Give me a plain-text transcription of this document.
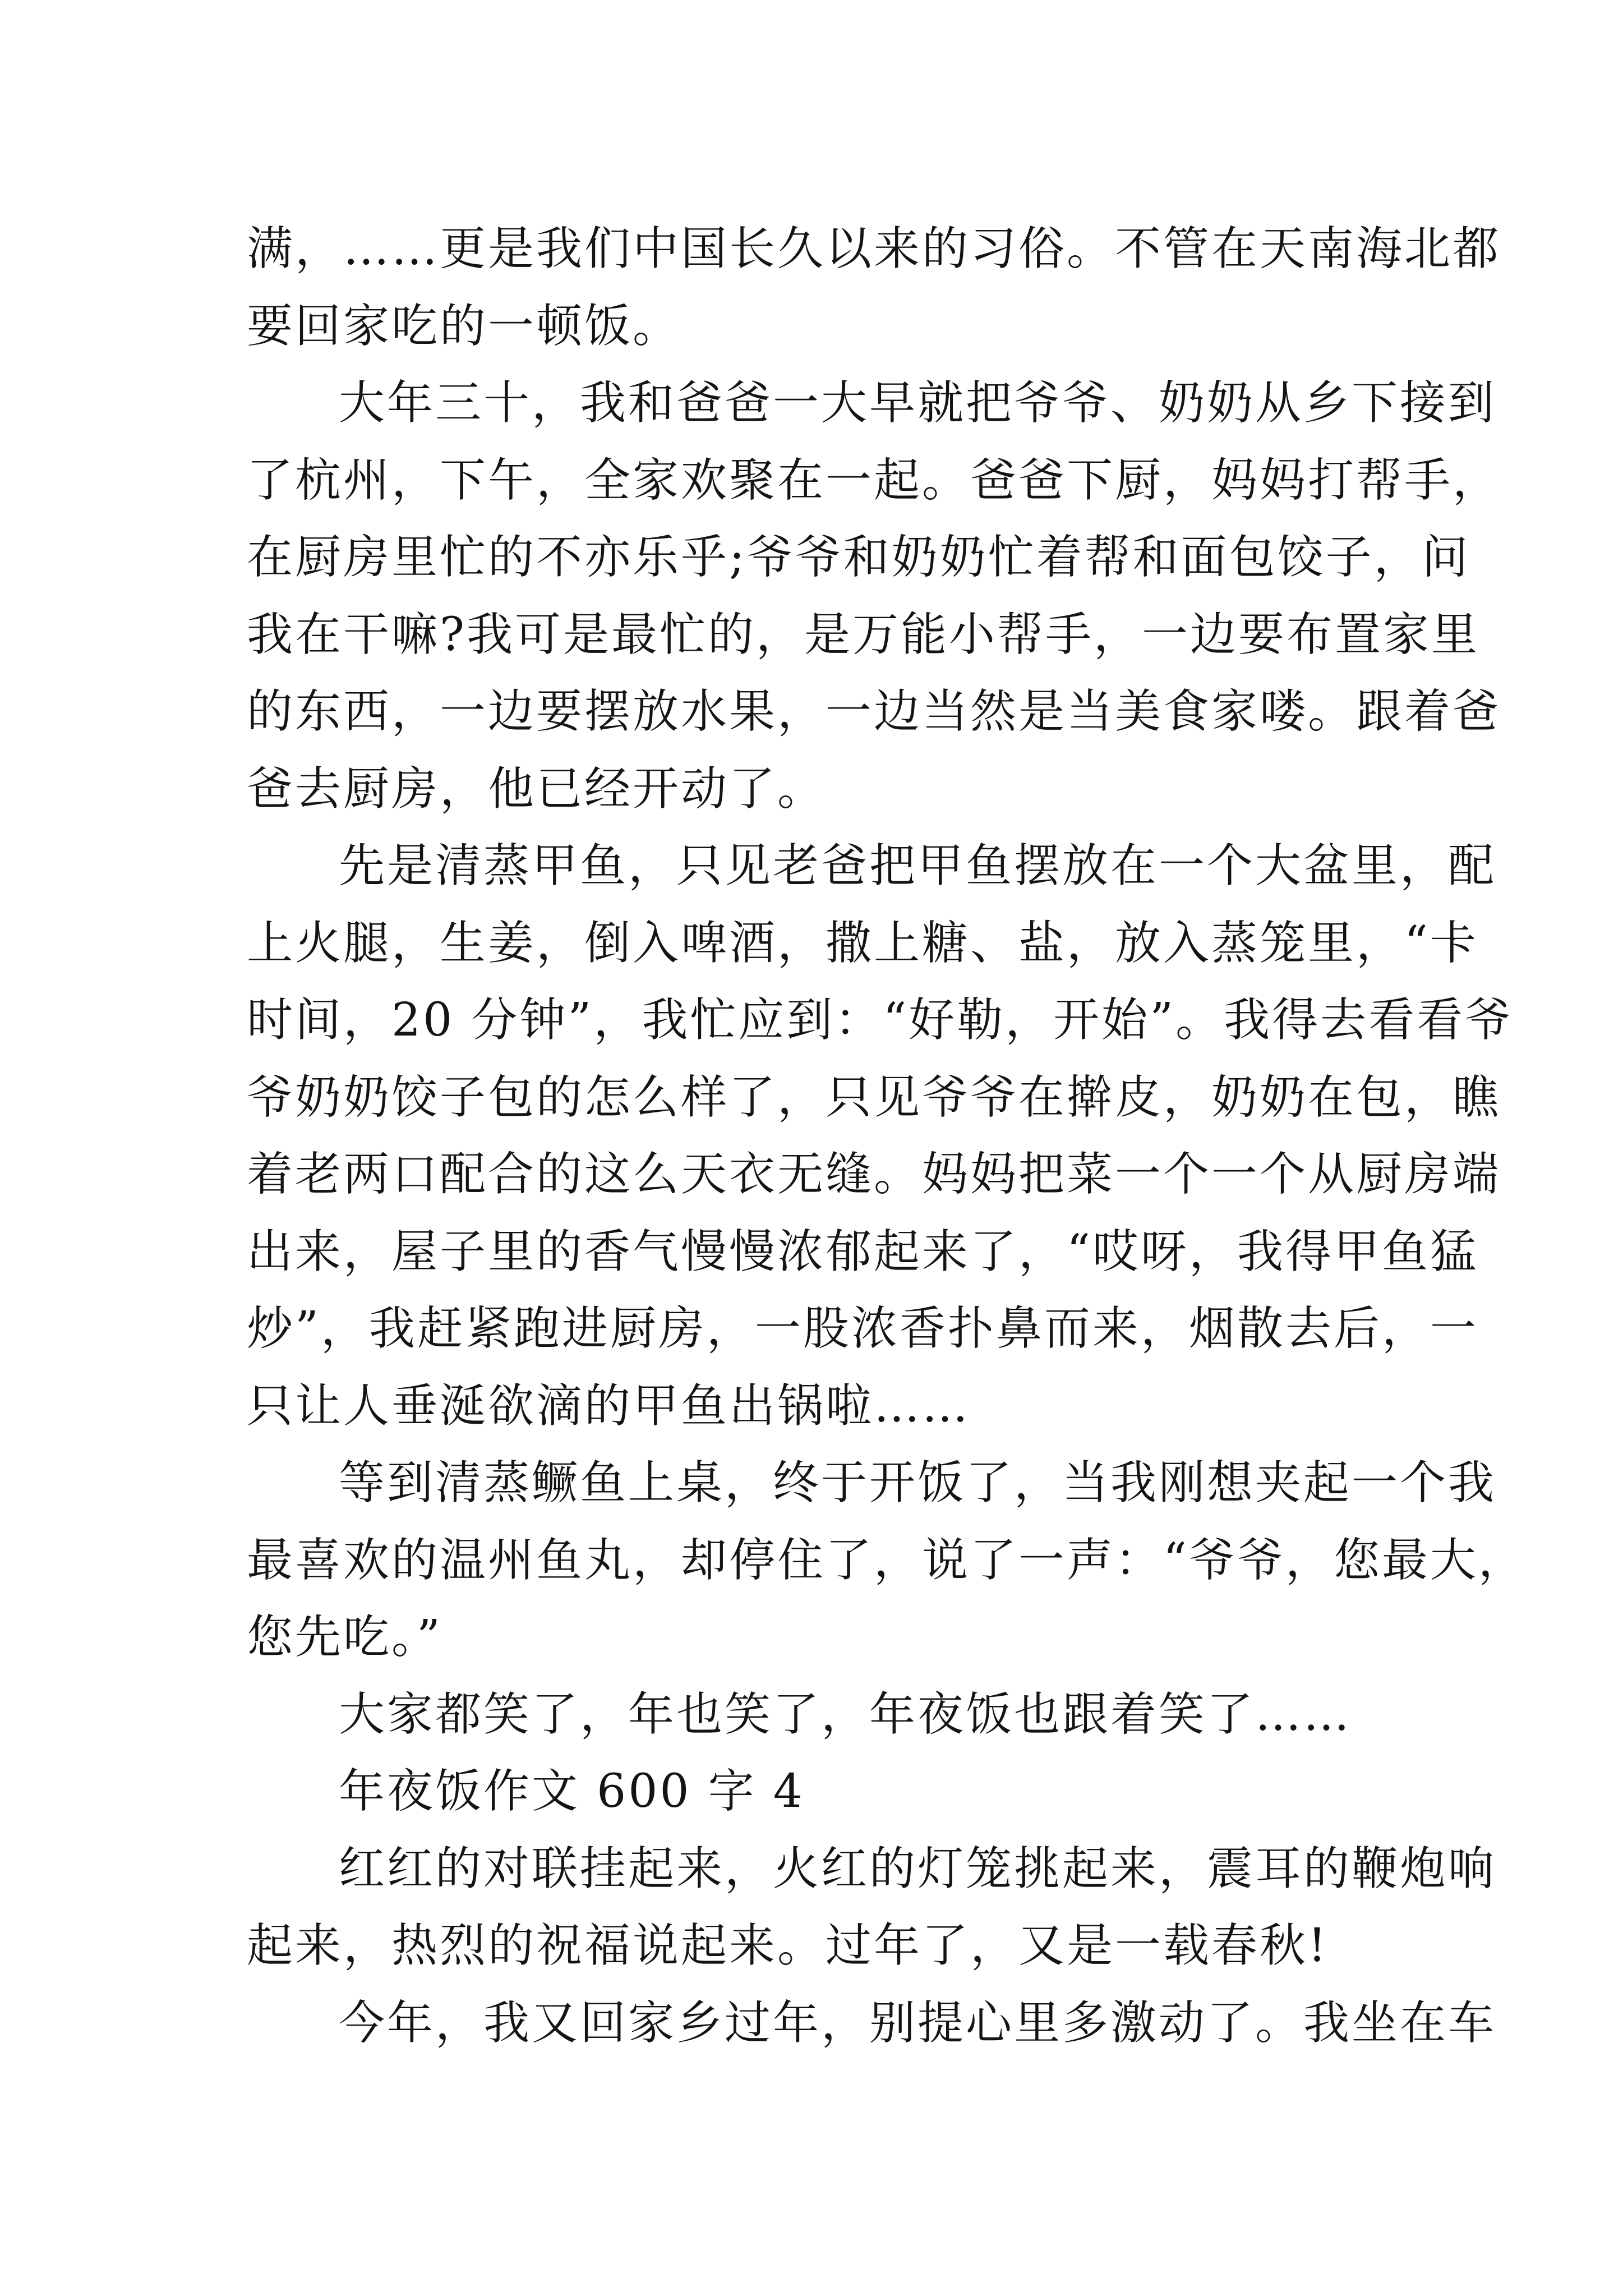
满，……更是我们中国长久以来的习俗。不管在天南海北都
要回家吃的一顿饭。
大年三十，我和爸爸一大早就把爷爷、奶奶从乡下接到
了杭州，下午，全家欢聚在一起。爸爸下厨，妈妈打帮手，
在厨房里忙的不亦乐乎;爷爷和奶奶忙着帮和面包饺子，问
我在干嘛?我可是最忙的，是万能小帮手，一边要布置家里
的东西，一边要摆放水果，一边当然是当美食家喽。跟着爸
爸去厨房，他已经开动了。
先是清蒸甲鱼，只见老爸把甲鱼摆放在一个大盆里，配
上火腿，生姜，倒入啤酒，撒上糖、盐，放入蒸笼里，“卡
时间，20 分钟”，我忙应到：“好勒，开始”。我得去看看爷
爷奶奶饺子包的怎么样了，只见爷爷在擀皮，奶奶在包，瞧
着老两口配合的这么天衣无缝。妈妈把菜一个一个从厨房端
出来，屋子里的香气慢慢浓郁起来了，“哎呀，我得甲鱼猛
炒”，我赶紧跑进厨房，一股浓香扑鼻而来，烟散去后，一
只让人垂涎欲滴的甲鱼出锅啦……
等到清蒸鳜鱼上桌，终于开饭了，当我刚想夹起一个我
最喜欢的温州鱼丸，却停住了，说了一声：“爷爷，您最大，
您先吃。”
大家都笑了，年也笑了，年夜饭也跟着笑了……
年夜饭作文 600 字 4
红红的对联挂起来，火红的灯笼挑起来，震耳的鞭炮响
起来，热烈的祝福说起来。过年了，又是一载春秋!
今年，我又回家乡过年，别提心里多激动了。我坐在车
